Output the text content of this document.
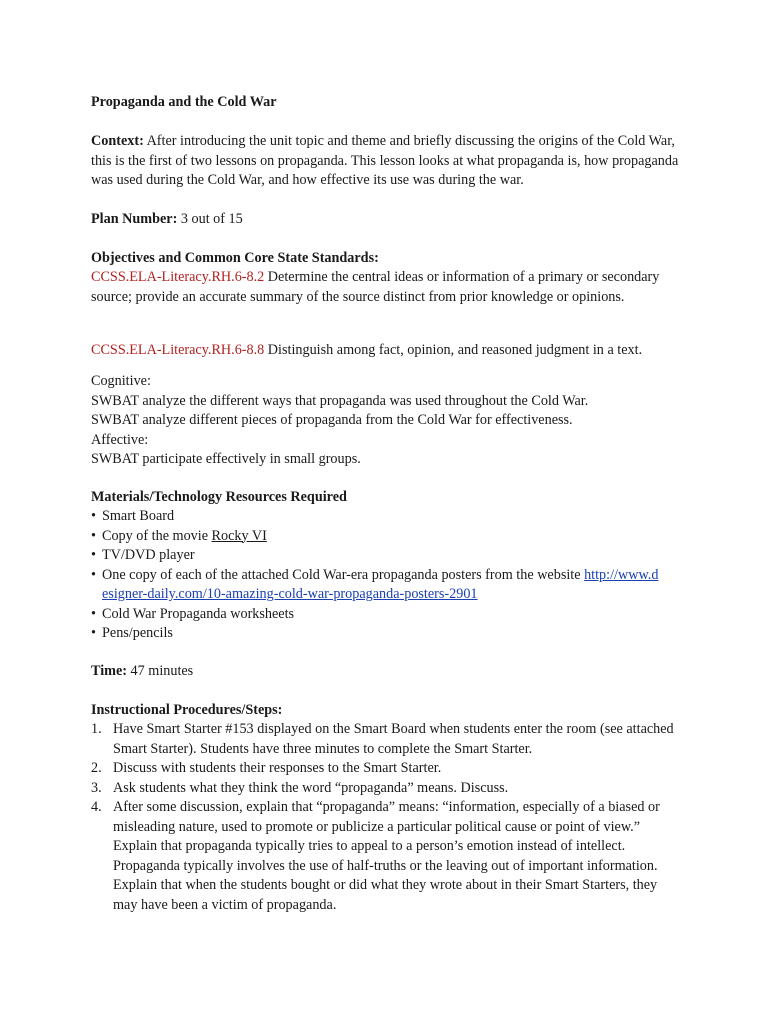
Propaganda and the Cold War

Context: After introducing the unit topic and theme and briefly discussing the origins of the Cold War, this is the first of two lessons on propaganda. This lesson looks at what propaganda is, how propaganda was used during the Cold War, and how effective its use was during the war.

Plan Number: 3 out of 15

Objectives and Common Core State Standards:

CCSS.ELA-Literacy.RH.6-8.2 Determine the central ideas or information of a primary or secondary source; provide an accurate summary of the source distinct from prior knowledge or opinions.

CCSS.ELA-Literacy.RH.6-8.8 Distinguish among fact, opinion, and reasoned judgment in a text.

Cognitive:

SWBAT analyze the different ways that propaganda was used throughout the Cold War.

SWBAT analyze different pieces of propaganda from the Cold War for effectiveness.

Affective:

SWBAT participate effectively in small groups.

Materials/Technology Resources Required

• Smart Board
• Copy of the movie Rocky VI
• TV/DVD player
• One copy of each of the attached Cold War-era propaganda posters from the website http://www.designer-daily.com/10-amazing-cold-war-propaganda-posters-2901
• Cold War Propaganda worksheets
• Pens/pencils

Time: 47 minutes

Instructional Procedures/Steps:

1. Have Smart Starter #153 displayed on the Smart Board when students enter the room (see attached Smart Starter). Students have three minutes to complete the Smart Starter.
2. Discuss with students their responses to the Smart Starter.
3. Ask students what they think the word “propaganda” means. Discuss.
4. After some discussion, explain that “propaganda” means: “information, especially of a biased or misleading nature, used to promote or publicize a particular political cause or point of view.” Explain that propaganda typically tries to appeal to a person’s emotion instead of intellect. Propaganda typically involves the use of half-truths or the leaving out of important information. Explain that when the students bought or did what they wrote about in their Smart Starters, they may have been a victim of propaganda.
